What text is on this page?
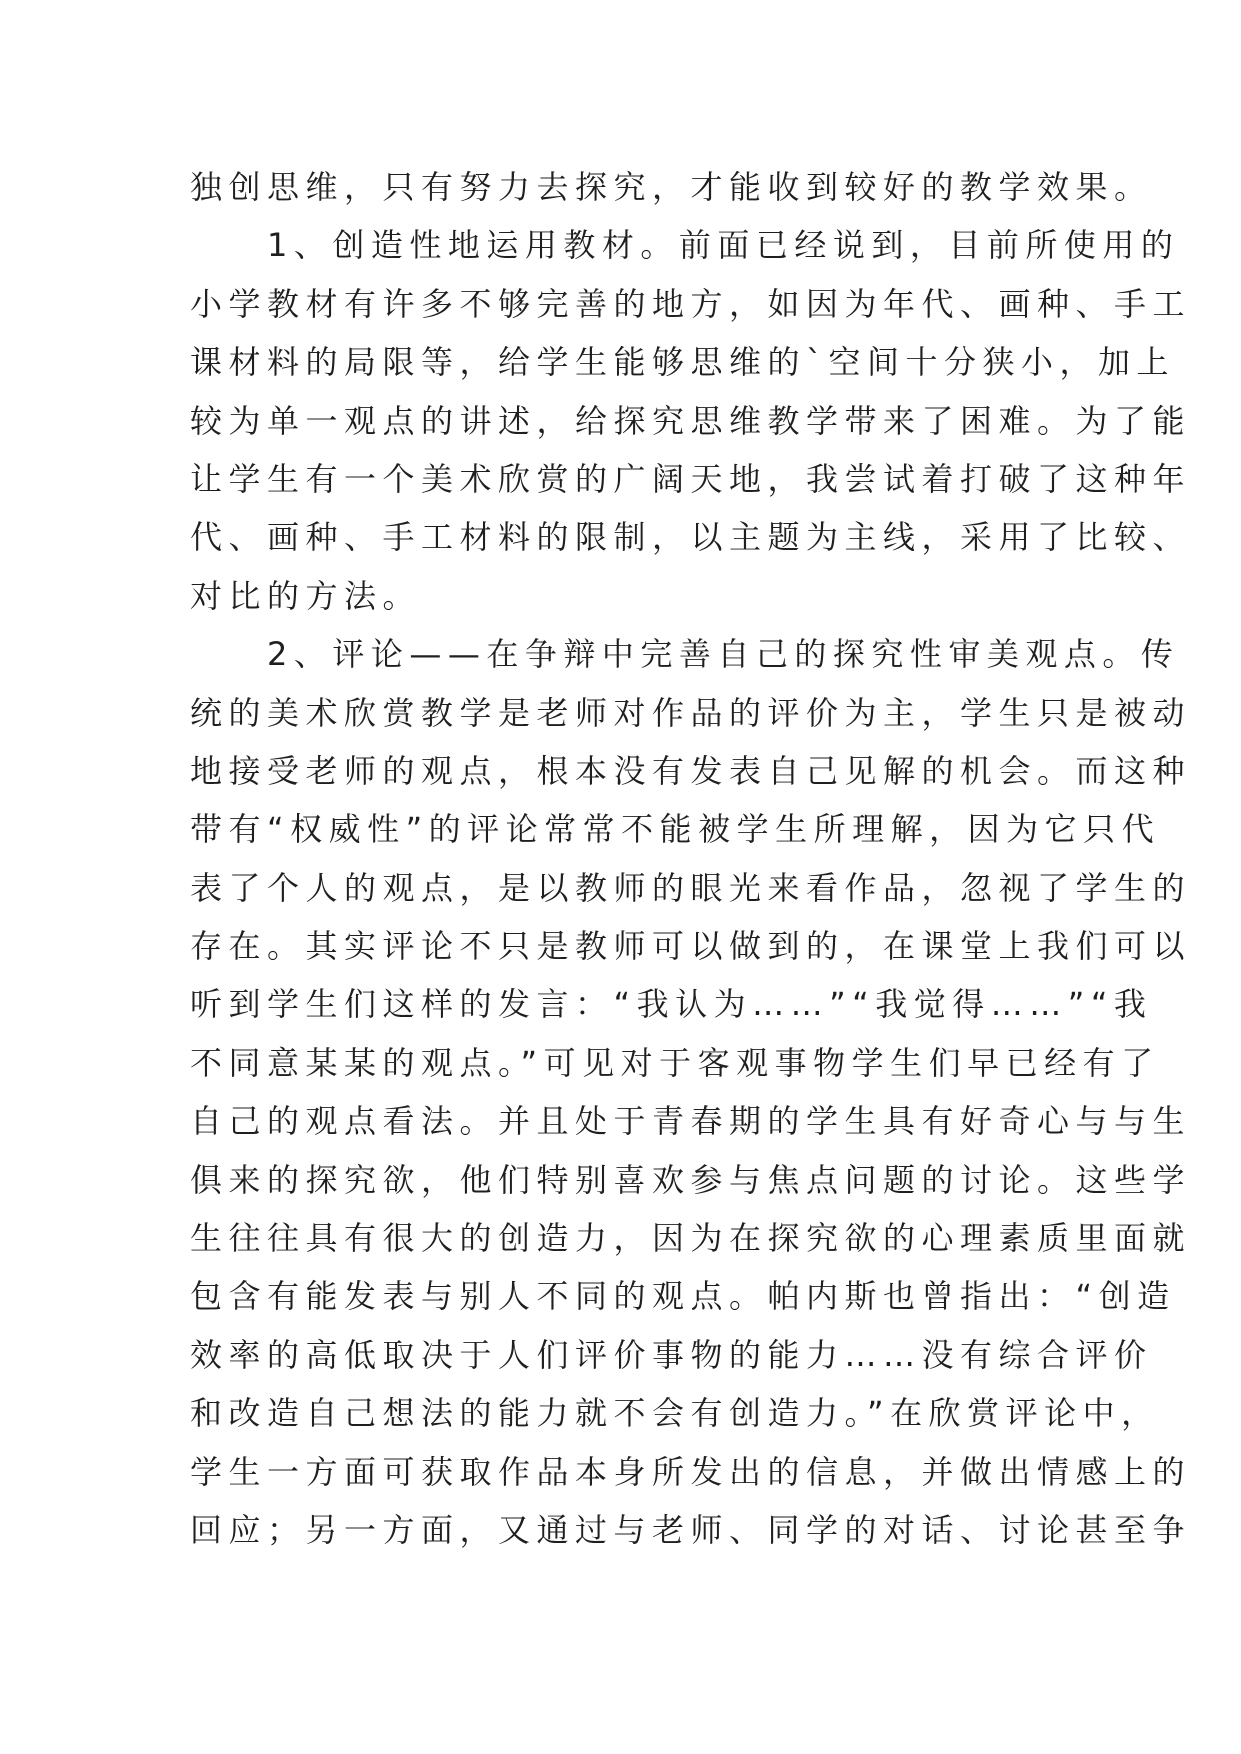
独创思维，只有努力去探究，才能收到较好的教学效果。
　　1、创造性地运用教材。前面已经说到，目前所使用的
小学教材有许多不够完善的地方，如因为年代、画种、手工
课材料的局限等，给学生能够思维的`空间十分狭小，加上
较为单一观点的讲述，给探究思维教学带来了困难。为了能
让学生有一个美术欣赏的广阔天地，我尝试着打破了这种年
代、画种、手工材料的限制，以主题为主线，采用了比较、
对比的方法。
　　2、评论——在争辩中完善自己的探究性审美观点。传
统的美术欣赏教学是老师对作品的评价为主，学生只是被动
地接受老师的观点，根本没有发表自己见解的机会。而这种
带有“权威性”的评论常常不能被学生所理解，因为它只代
表了个人的观点，是以教师的眼光来看作品，忽视了学生的
存在。其实评论不只是教师可以做到的，在课堂上我们可以
听到学生们这样的发言：“我认为……”“我觉得……”“我
不同意某某的观点。”可见对于客观事物学生们早已经有了
自己的观点看法。并且处于青春期的学生具有好奇心与与生
俱来的探究欲，他们特别喜欢参与焦点问题的讨论。这些学
生往往具有很大的创造力，因为在探究欲的心理素质里面就
包含有能发表与别人不同的观点。帕内斯也曾指出：“创造
效率的高低取决于人们评价事物的能力……没有综合评价
和改造自己想法的能力就不会有创造力。”在欣赏评论中，
学生一方面可获取作品本身所发出的信息，并做出情感上的
回应；另一方面，又通过与老师、同学的对话、讨论甚至争
